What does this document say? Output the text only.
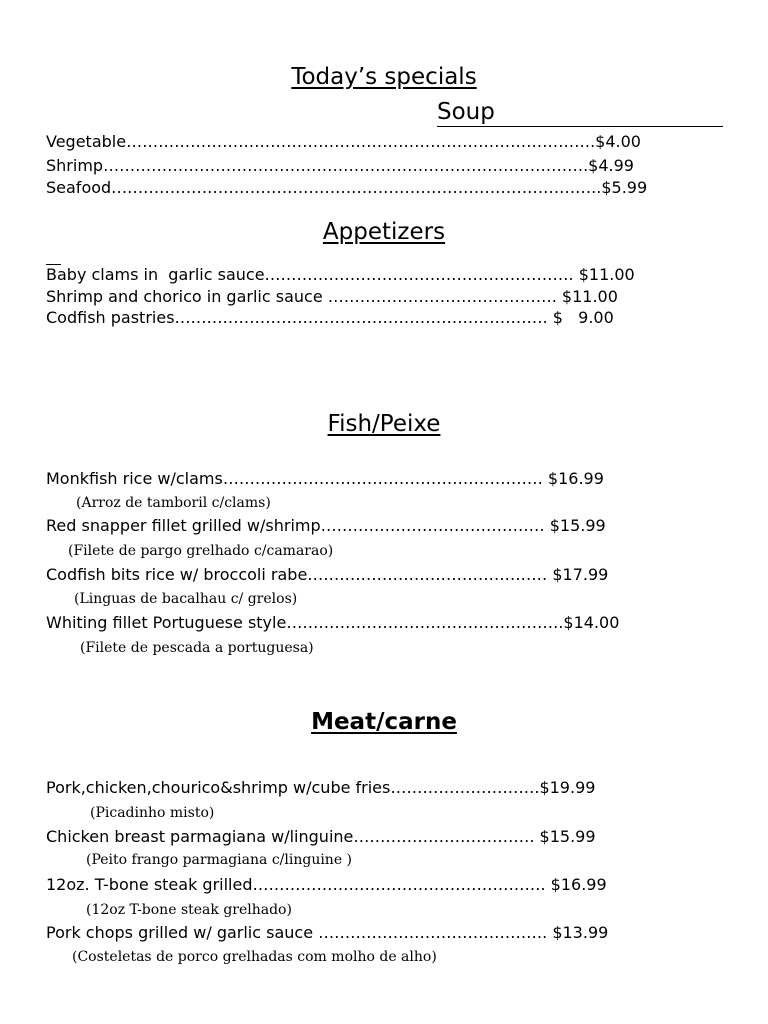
Today’s specials
Soup
Vegetable…………………………………………………………………………….$4.00
Shrimp……………………………………………………………………………….$4.99
Seafood………………………………………………………………………………..$5.99
Appetizers
Baby clams in  garlic sauce…………………………………………………. $11.00
Shrimp and chorico in garlic sauce ……………………………………. $11.00
Codfish pastries……………………………………………………………. $   9.00
Fish/Peixe
Monkfish rice w/clams…………………………………………………… $16.99
(Arroz de tamboril c/clams)
Red snapper fillet grilled w/shrimp…………………………………… $15.99
(Filete de pargo grelhado c/camarao)
Codfish bits rice w/ broccoli rabe……………………………………… $17.99
(Linguas de bacalhau c/ grelos)
Whiting fillet Portuguese style…………………………………………….$14.00
(Filete de pescada a portuguesa)
Meat/carne
Pork,chicken,chourico&shrimp w/cube fries……………………….$19.99
(Picadinho misto)
Chicken breast parmagiana w/linguine……………………………. $15.99
(Peito frango parmagiana c/linguine )
12oz. T-bone steak grilled………………………………………………. $16.99
(12oz T-bone steak grelhado)
Pork chops grilled w/ garlic sauce ……………………………………. $13.99
(Costeletas de porco grelhadas com molho de alho)
